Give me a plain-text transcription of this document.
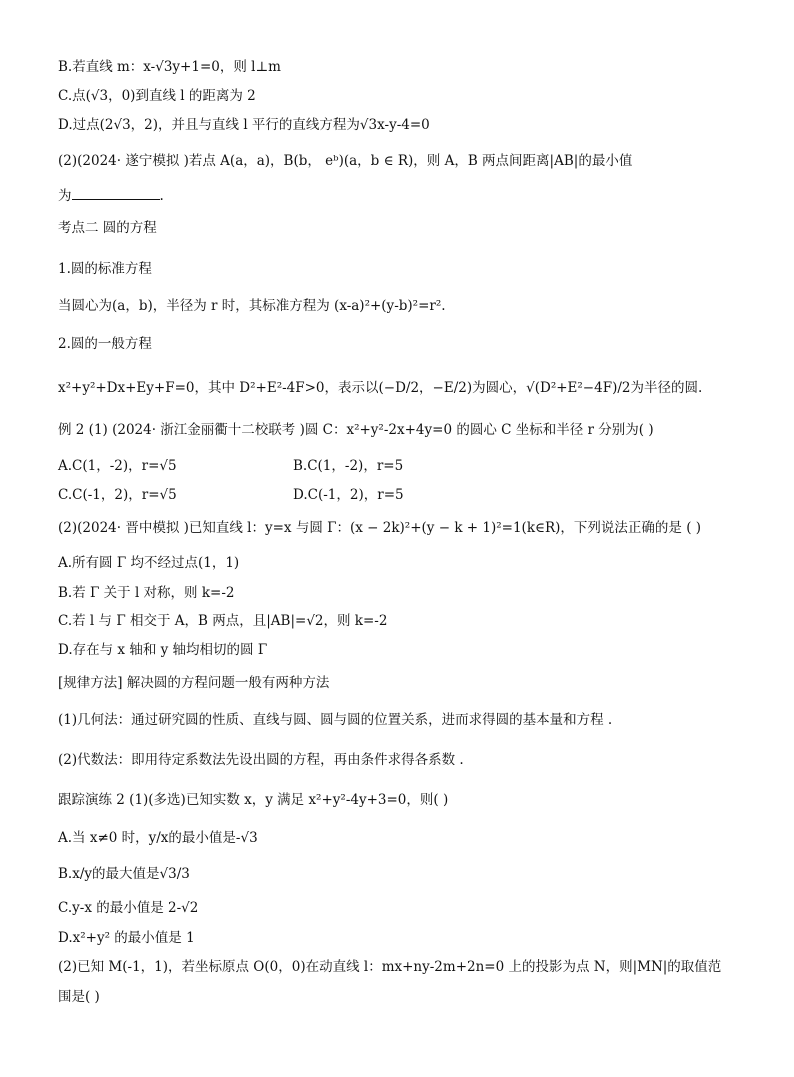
B.若直线 m：x-√3y+1=0，则 l⊥m
C.点(√3，0)到直线 l 的距离为 2
D.过点(2√3，2)，并且与直线 l 平行的直线方程为√3x-y-4=0
(2)(2024· 遂宁模拟 )若点 A(a，a)，B(b， eᵇ)(a，b ∈ R)，则 A，B 两点间距离|AB|的最小值
为	.
考点二 圆的方程
1.圆的标准方程
当圆心为(a，b)，半径为 r 时，其标准方程为 (x-a)²+(y-b)²=r².
2.圆的一般方程
x²+y²+Dx+Ey+F=0，其中 D²+E²-4F>0，表示以(−D/2，−E/2)为圆心，√(D²+E²−4F)/2为半径的圆.
例 2 (1) (2024· 浙江金丽衢十二校联考 )圆 C：x²+y²-2x+4y=0 的圆心 C 坐标和半径 r 分别为( )
A.C(1，-2)，r=√5	B.C(1，-2)，r=5
C.C(-1，2)，r=√5	D.C(-1，2)，r=5
(2)(2024· 晋中模拟 )已知直线 l：y=x 与圆 Γ：(x − 2k)²+(y − k + 1)²=1(k∈R)，下列说法正确的是 ( )
A.所有圆 Γ 均不经过点(1，1)
B.若 Γ 关于 l 对称，则 k=-2
C.若 l 与 Γ 相交于 A，B 两点，且|AB|=√2，则 k=-2
D.存在与 x 轴和 y 轴均相切的圆 Γ
[规律方法] 解决圆的方程问题一般有两种方法
(1)几何法：通过研究圆的性质、直线与圆、圆与圆的位置关系，进而求得圆的基本量和方程 .
(2)代数法：即用待定系数法先设出圆的方程，再由条件求得各系数 .
跟踪演练 2 (1)(多选)已知实数 x，y 满足 x²+y²-4y+3=0，则( )
A.当 x≠0 时，y/x的最小值是-√3
B.x/y的最大值是√3/3
C.y-x 的最小值是 2-√2
D.x²+y² 的最小值是 1
(2)已知 M(-1，1)，若坐标原点 O(0，0)在动直线 l：mx+ny-2m+2n=0 上的投影为点 N，则|MN|的取值范
围是( )
